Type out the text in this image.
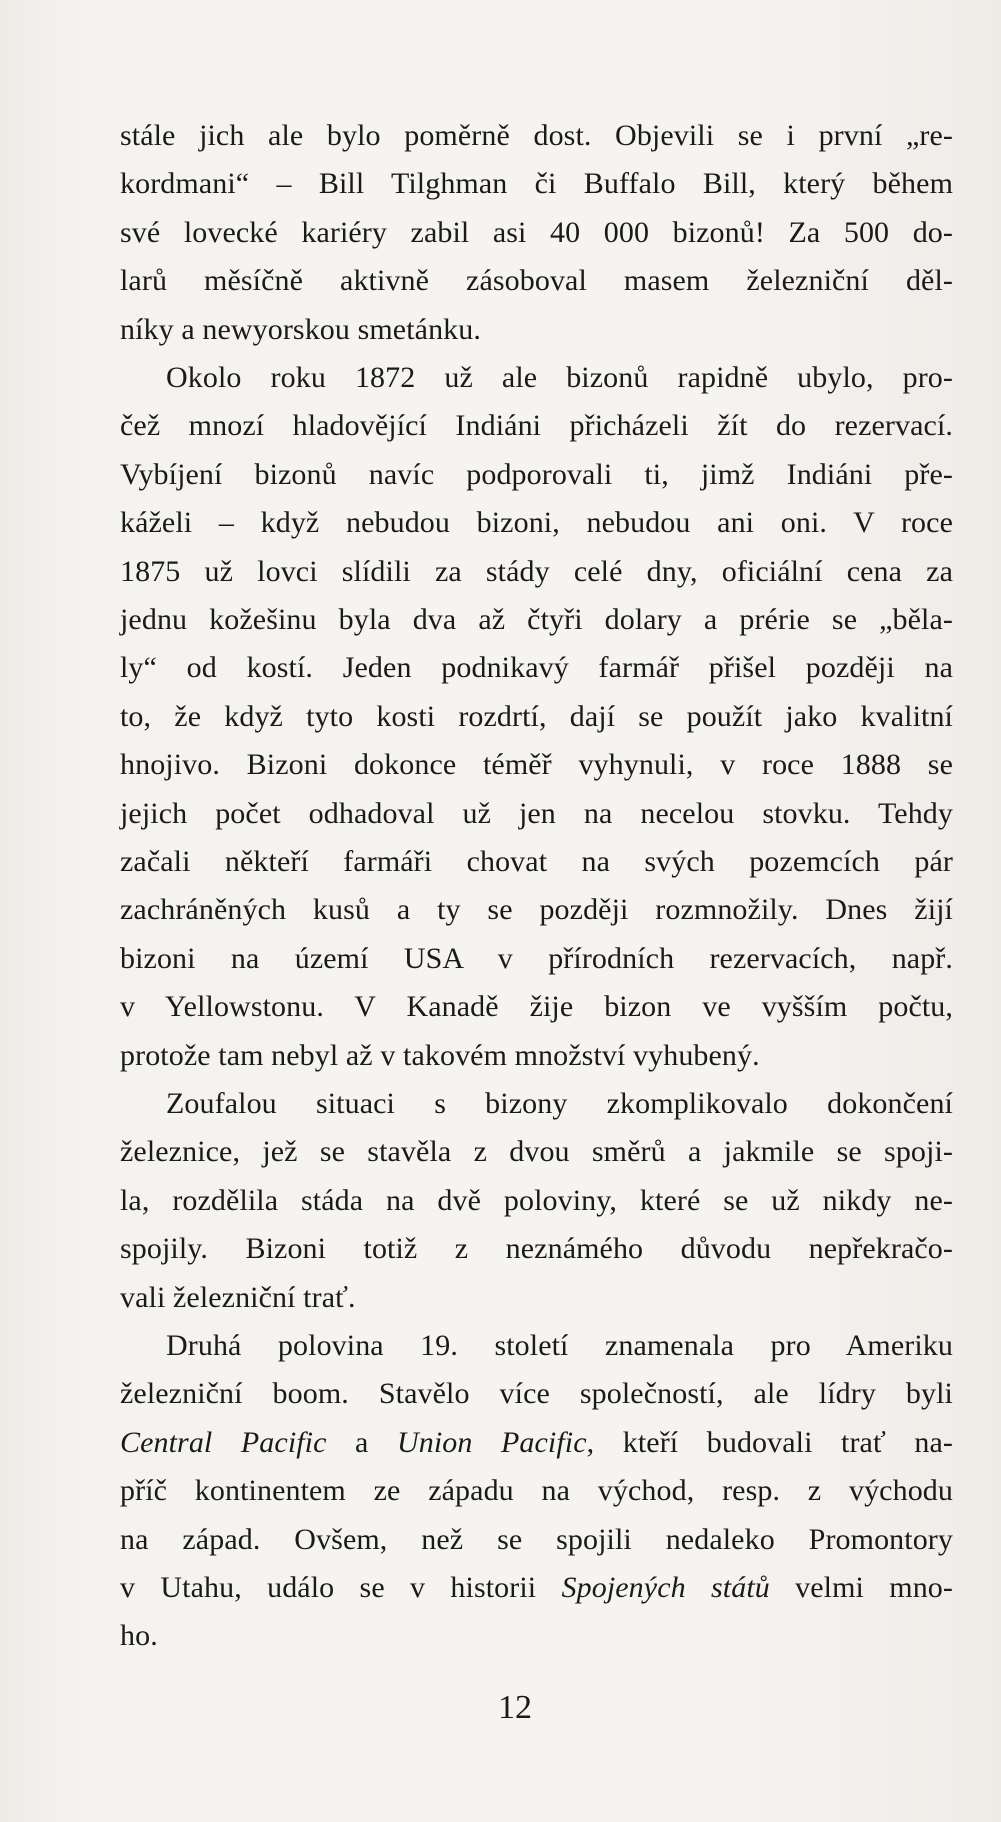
stále jich ale bylo poměrně dost. Objevili se i první „re-
kordmani“ – Bill Tilghman či Buffalo Bill, který během
své lovecké kariéry zabil asi 40 000 bizonů! Za 500 do-
larů měsíčně aktivně zásoboval masem železniční děl-
níky a newyorskou smetánku.
Okolo roku 1872 už ale bizonů rapidně ubylo, pro-
čež mnozí hladovějící Indiáni přicházeli žít do rezervací.
Vybíjení bizonů navíc podporovali ti, jimž Indiáni pře-
káželi – když nebudou bizoni, nebudou ani oni. V roce
1875 už lovci slídili za stády celé dny, oficiální cena za
jednu kožešinu byla dva až čtyři dolary a prérie se „běla-
ly“ od kostí. Jeden podnikavý farmář přišel později na
to, že když tyto kosti rozdrtí, dají se použít jako kvalitní
hnojivo. Bizoni dokonce téměř vyhynuli, v roce 1888 se
jejich počet odhadoval už jen na necelou stovku. Tehdy
začali někteří farmáři chovat na svých pozemcích pár
zachráněných kusů a ty se později rozmnožily. Dnes žijí
bizoni na území USA v přírodních rezervacích, např.
v Yellowstonu. V Kanadě žije bizon ve vyšším počtu,
protože tam nebyl až v takovém množství vyhubený.
Zoufalou situaci s bizony zkomplikovalo dokončení
železnice, jež se stavěla z dvou směrů a jakmile se spoji-
la, rozdělila stáda na dvě poloviny, které se už nikdy ne-
spojily. Bizoni totiž z neznámého důvodu nepřekračo-
vali železniční trať.
Druhá polovina 19. století znamenala pro Ameriku
železniční boom. Stavělo více společností, ale lídry byli
Central Pacific a Union Pacific, kteří budovali trať na-
příč kontinentem ze západu na východ, resp. z východu
na západ. Ovšem, než se spojili nedaleko Promontory
v Utahu, událo se v historii Spojených států velmi mno-
ho.
12
